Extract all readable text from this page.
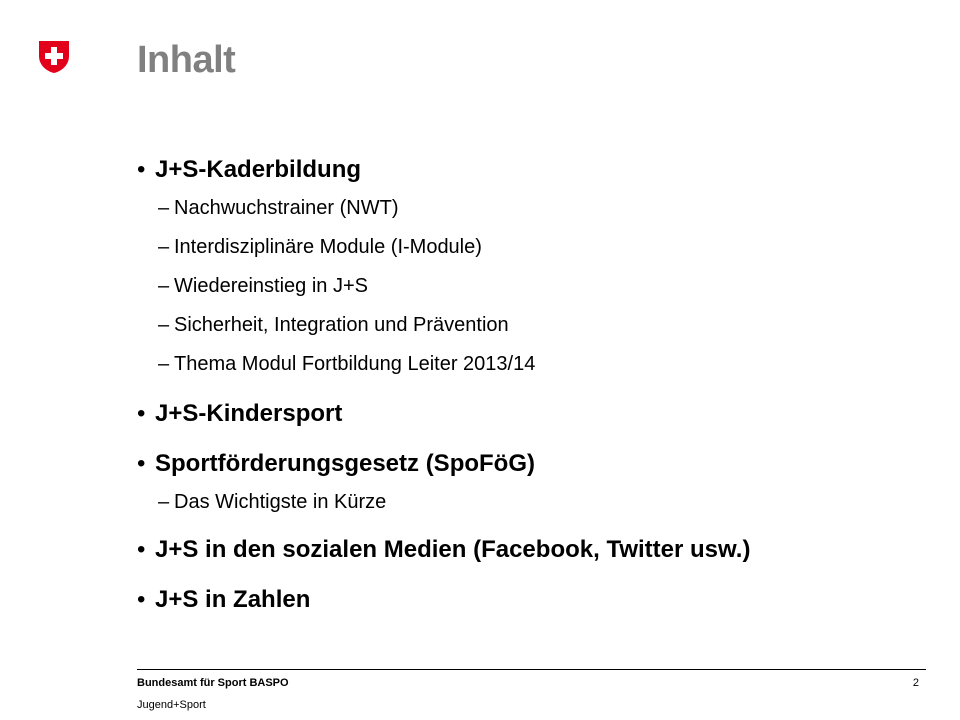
Inhalt
• J+S-Kaderbildung
– Nachwuchstrainer (NWT)
– Interdisziplinäre Module (I-Module)
– Wiedereinstieg in J+S
– Sicherheit, Integration und Prävention
– Thema Modul Fortbildung Leiter 2013/14
• J+S-Kindersport
• Sportförderungsgesetz (SpoFöG)
– Das Wichtigste in Kürze
• J+S in den sozialen Medien (Facebook, Twitter usw.)
• J+S in Zahlen
Bundesamt für Sport BASPO
Jugend+Sport
2
